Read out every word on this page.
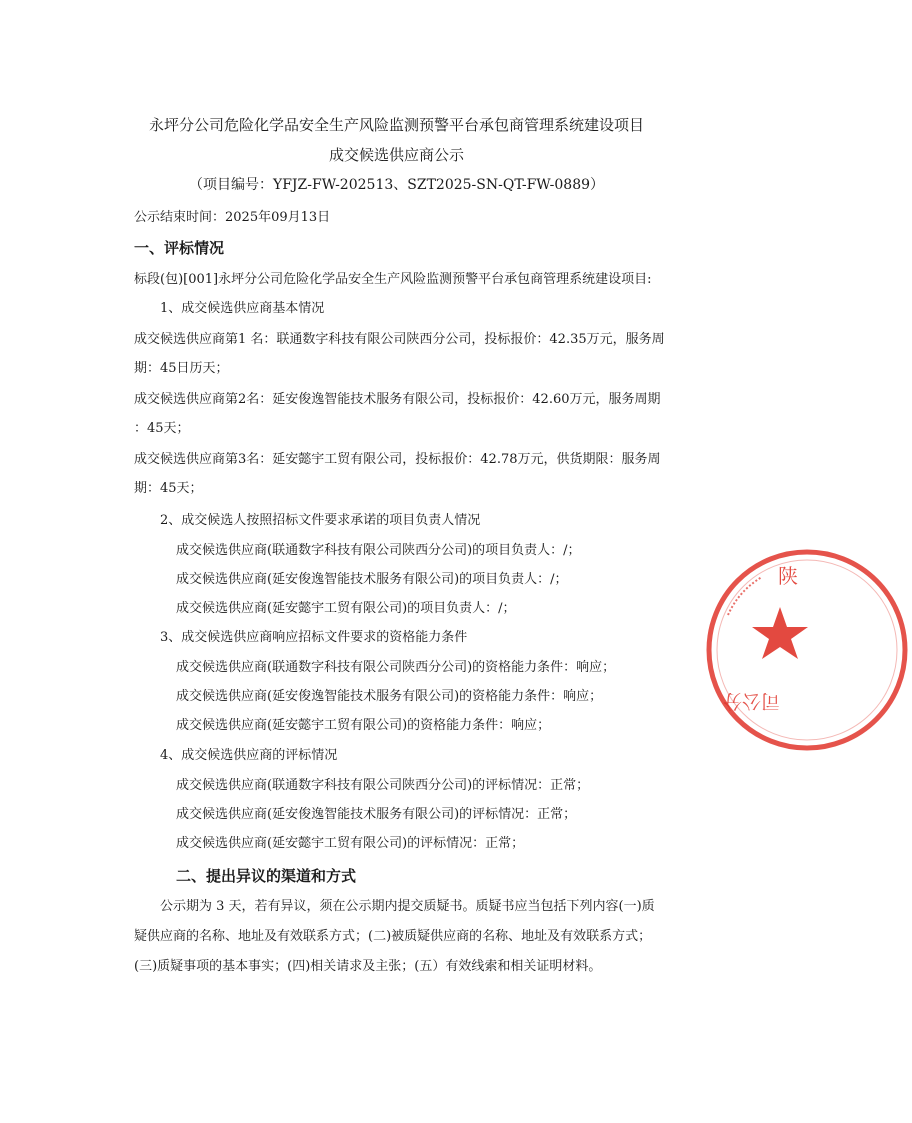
永坪分公司危险化学品安全生产风险监测预警平台承包商管理系统建设项目
成交候选供应商公示
（项目编号：YFJZ-FW-202513、SZT2025-SN-QT-FW-0889）
公示结束时间：2025年09月13日
一、评标情况
标段(包)[001]永坪分公司危险化学品安全生产风险监测预警平台承包商管理系统建设项目:
1、成交候选供应商基本情况
成交候选供应商第1 名：联通数字科技有限公司陕西分公司，投标报价：42.35万元，服务周
期：45日历天；
成交候选供应商第2名：延安俊逸智能技术服务有限公司，投标报价：42.60万元，服务周期
：45天；
成交候选供应商第3名：延安懿宇工贸有限公司，投标报价：42.78万元，供货期限：服务周
期：45天；
2、成交候选人按照招标文件要求承诺的项目负责人情况
成交候选供应商(联通数字科技有限公司陕西分公司)的项目负责人：/；
成交候选供应商(延安俊逸智能技术服务有限公司)的项目负责人：/；
成交候选供应商(延安懿宇工贸有限公司)的项目负责人：/；
3、成交候选供应商响应招标文件要求的资格能力条件
成交候选供应商(联通数字科技有限公司陕西分公司)的资格能力条件：响应；
成交候选供应商(延安俊逸智能技术服务有限公司)的资格能力条件：响应；
成交候选供应商(延安懿宇工贸有限公司)的资格能力条件：响应；
4、成交候选供应商的评标情况
成交候选供应商(联通数字科技有限公司陕西分公司)的评标情况：正常；
成交候选供应商(延安俊逸智能技术服务有限公司)的评标情况：正常；
成交候选供应商(延安懿宇工贸有限公司)的评标情况：正常；
二、提出异议的渠道和方式
公示期为 3 天，若有异议，须在公示期内提交质疑书。质疑书应当包括下列内容(一)质
疑供应商的名称、地址及有效联系方式；(二)被质疑供应商的名称、地址及有效联系方式；
(三)质疑事项的基本事实；(四)相关请求及主张；(五）有效线索和相关证明材料。
陕
司公分
